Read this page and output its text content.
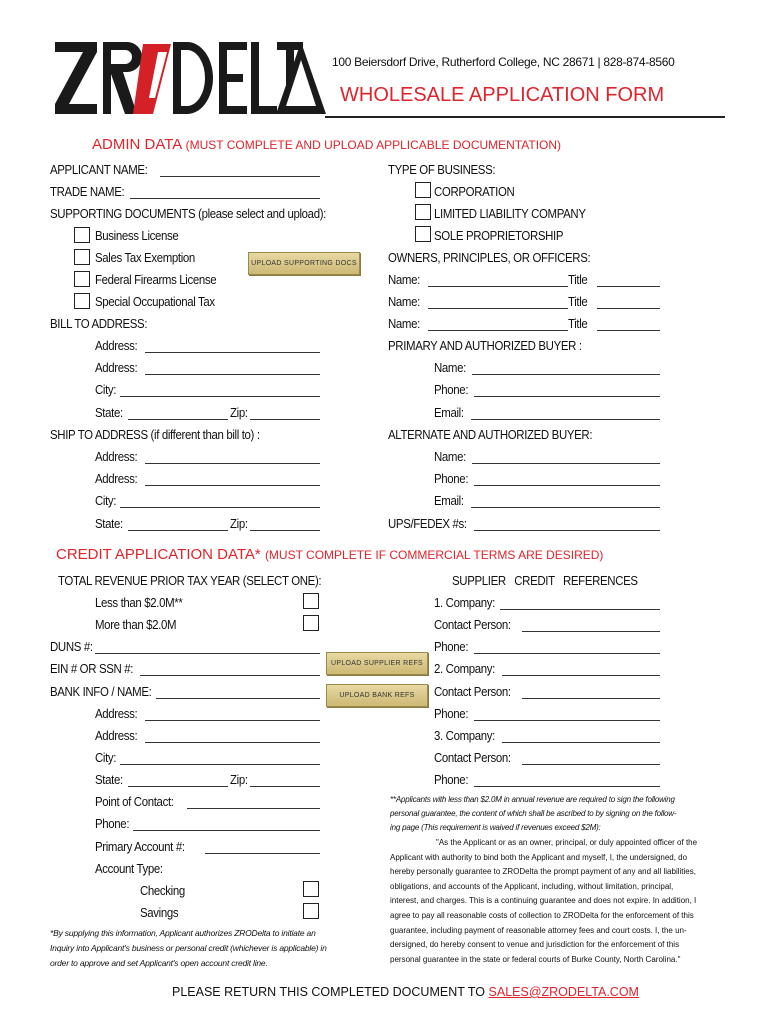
100 Beiersdorf Drive, Rutherford College, NC 28671 | 828-874-8560
WHOLESALE APPLICATION FORM
ADMIN DATA (MUST COMPLETE AND UPLOAD APPLICABLE DOCUMENTATION)
APPLICANT NAME:
TRADE NAME:
SUPPORTING DOCUMENTS (please select and upload):
Business License
Sales Tax Exemption
Federal Firearms License
Special Occupational Tax
UPLOAD SUPPORTING DOCS
BILL TO ADDRESS:
Address:
Address:
City:
State:	Zip:
SHIP TO ADDRESS (if different than bill to) :
Address:
Address:
City:
State:	Zip:
TYPE OF BUSINESS:
CORPORATION
LIMITED LIABILITY COMPANY
SOLE PROPRIETORSHIP
OWNERS, PRINCIPLES, OR OFFICERS:
Name:	Title
Name:	Title
Name:	Title
PRIMARY AND AUTHORIZED BUYER :
Name:
Phone:
Email:
ALTERNATE AND AUTHORIZED BUYER:
Name:
Phone:
Email:
UPS/FEDEX #s:
CREDIT APPLICATION DATA* (MUST COMPLETE IF COMMERCIAL TERMS ARE DESIRED)
TOTAL REVENUE PRIOR TAX YEAR (SELECT ONE):
Less than $2.0M**
More than $2.0M
DUNS #:
EIN # OR SSN #:
BANK INFO / NAME:
UPLOAD SUPPLIER REFS
UPLOAD BANK REFS
Address:
Address:
City:
State:	Zip:
Point of Contact:
Phone:
Primary Account #:
Account Type:
Checking
Savings
*By supplying this information, Applicant authorizes ZRODelta to initiate an
Inquiry into Applicant's business or personal credit (whichever is applicable) in
order to approve and set Applicant's open account credit line.
SUPPLIER   CREDIT   REFERENCES
1. Company:
Contact Person:
Phone:
2. Company:
Contact Person:
Phone:
3. Company:
Contact Person:
Phone:
**Applicants with less than $2.0M in annual revenue are required to sign the following
personal guarantee, the content of which shall be ascribed to by signing on the follow-
ing page (This requirement is waived if revenues exceed $2M):
"As the Applicant or as an owner, principal, or duly appointed officer of the
Applicant with authority to bind both the Applicant and myself, I, the undersigned, do
hereby personally guarantee to ZRODelta the prompt payment of any and all liabilities,
obligations, and accounts of the Applicant, including, without limitation, principal,
interest, and charges. This is a continuing guarantee and does not expire. In addition, I
agree to pay all reasonable costs of collection to ZRODelta for the enforcement of this
guarantee, including payment of reasonable attorney fees and court costs. I, the un-
dersigned, do hereby consent to venue and jurisdiction for the enforcement of this
personal guarantee in the state or federal courts of Burke County, North Carolina."
PLEASE RETURN THIS COMPLETED DOCUMENT TO SALES@ZRODELTA.COM
